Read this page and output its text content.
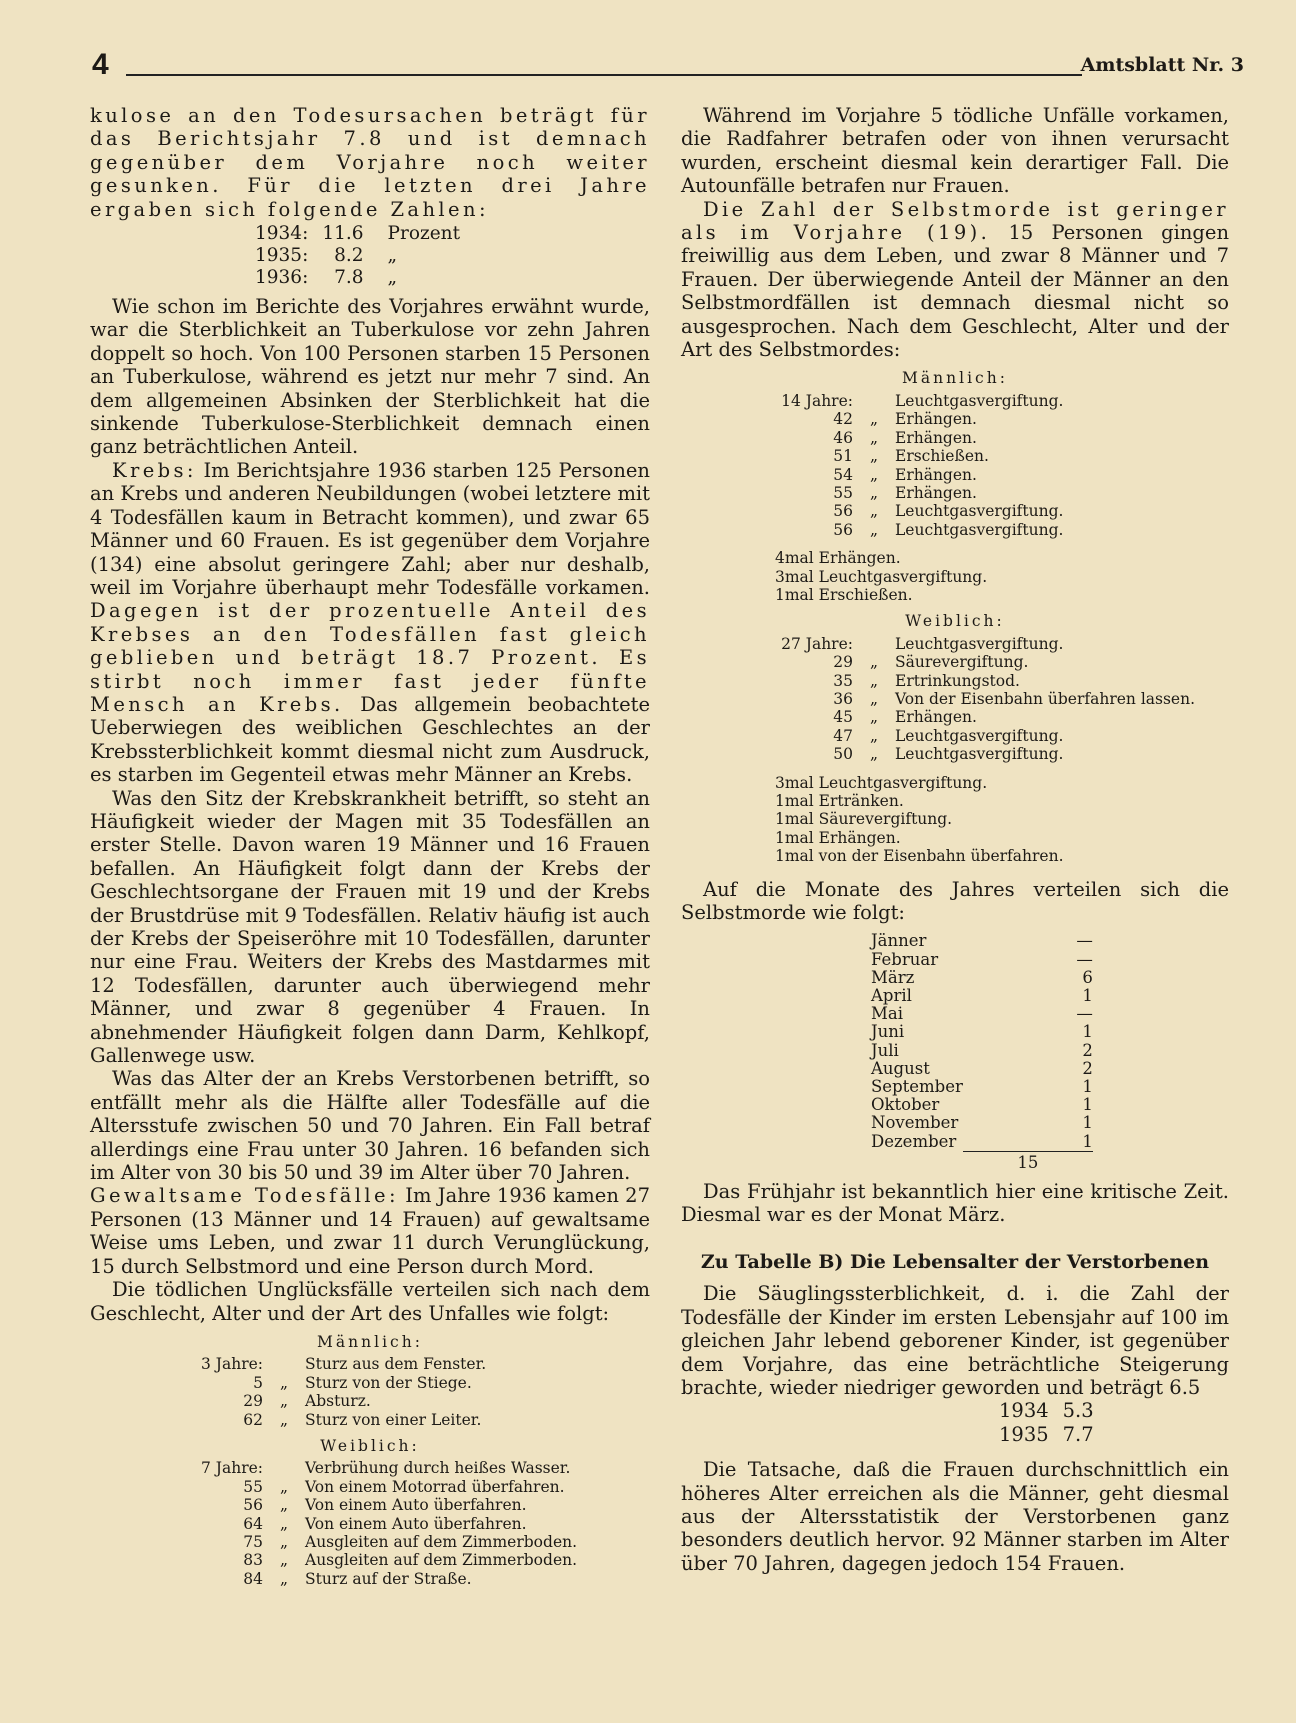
4	Amtsblatt Nr. 3

kulose an den Todesursachen beträgt für das Berichtsjahr 7.8 und ist demnach gegenüber dem Vorjahre noch weiter gesunken. Für die letzten drei Jahre ergaben sich folgende Zahlen:

1934:	11.6	Prozent
1935:	8.2	„
1936:	7.8	„

Wie schon im Berichte des Vorjahres erwähnt wurde, war die Sterblichkeit an Tuberkulose vor zehn Jahren doppelt so hoch. Von 100 Personen starben 15 Personen an Tuberkulose, während es jetzt nur mehr 7 sind. An dem allgemeinen Absinken der Sterblichkeit hat die sinkende Tuberkulose-Sterblichkeit demnach einen ganz beträchtlichen Anteil.

Krebs: Im Berichtsjahre 1936 starben 125 Personen an Krebs und anderen Neubildungen (wobei letztere mit 4 Todesfällen kaum in Betracht kommen), und zwar 65 Männer und 60 Frauen. Es ist gegenüber dem Vorjahre (134) eine absolut geringere Zahl; aber nur deshalb, weil im Vorjahre überhaupt mehr Todesfälle vorkamen. Dagegen ist der prozentuelle Anteil des Krebses an den Todesfällen fast gleich geblieben und beträgt 18.7 Prozent. Es stirbt noch immer fast jeder fünfte Mensch an Krebs. Das allgemein beobachtete Ueberwiegen des weiblichen Geschlechtes an der Krebssterblichkeit kommt diesmal nicht zum Ausdruck, es starben im Gegenteil etwas mehr Männer an Krebs.

Was den Sitz der Krebskrankheit betrifft, so steht an Häufigkeit wieder der Magen mit 35 Todesfällen an erster Stelle. Davon waren 19 Männer und 16 Frauen befallen. An Häufigkeit folgt dann der Krebs der Geschlechtsorgane der Frauen mit 19 und der Krebs der Brustdrüse mit 9 Todesfällen. Relativ häufig ist auch der Krebs der Speiseröhre mit 10 Todesfällen, darunter nur eine Frau. Weiters der Krebs des Mastdarmes mit 12 Todesfällen, darunter auch überwiegend mehr Männer, und zwar 8 gegenüber 4 Frauen. In abnehmender Häufigkeit folgen dann Darm, Kehlkopf, Gallenwege usw.

Was das Alter der an Krebs Verstorbenen betrifft, so entfällt mehr als die Hälfte aller Todesfälle auf die Altersstufe zwischen 50 und 70 Jahren. Ein Fall betraf allerdings eine Frau unter 30 Jahren. 16 befanden sich im Alter von 30 bis 50 und 39 im Alter über 70 Jahren.

Gewaltsame Todesfälle: Im Jahre 1936 kamen 27 Personen (13 Männer und 14 Frauen) auf gewaltsame Weise ums Leben, und zwar 11 durch Verunglückung, 15 durch Selbstmord und eine Person durch Mord.

Die tödlichen Unglücksfälle verteilen sich nach dem Geschlecht, Alter und der Art des Unfalles wie folgt:

Männlich:
3 Jahre:		Sturz aus dem Fenster.
5	„	Sturz von der Stiege.
29	„	Absturz.
62	„	Sturz von einer Leiter.
Weiblich:
7 Jahre:		Verbrühung durch heißes Wasser.
55	„	Von einem Motorrad überfahren.
56	„	Von einem Auto überfahren.
64	„	Von einem Auto überfahren.
75	„	Ausgleiten auf dem Zimmerboden.
83	„	Ausgleiten auf dem Zimmerboden.
84	„	Sturz auf der Straße.

Während im Vorjahre 5 tödliche Unfälle vorkamen, die Radfahrer betrafen oder von ihnen verursacht wurden, erscheint diesmal kein derartiger Fall. Die Autounfälle betrafen nur Frauen.

Die Zahl der Selbstmorde ist geringer als im Vorjahre (19). 15 Personen gingen freiwillig aus dem Leben, und zwar 8 Männer und 7 Frauen. Der überwiegende Anteil der Männer an den Selbstmordfällen ist demnach diesmal nicht so ausgesprochen. Nach dem Geschlecht, Alter und der Art des Selbstmordes:

Männlich:
14 Jahre:		Leuchtgasvergiftung.
42	„	Erhängen.
46	„	Erhängen.
51	„	Erschießen.
54	„	Erhängen.
55	„	Erhängen.
56	„	Leuchtgasvergiftung.
56	„	Leuchtgasvergiftung.
4mal Erhängen.
3mal Leuchtgasvergiftung.
1mal Erschießen.
Weiblich:
27 Jahre:		Leuchtgasvergiftung.
29	„	Säurevergiftung.
35	„	Ertrinkungstod.
36	„	Von der Eisenbahn überfahren lassen.
45	„	Erhängen.
47	„	Leuchtgasvergiftung.
50	„	Leuchtgasvergiftung.
3mal Leuchtgasvergiftung.
1mal Ertränken.
1mal Säurevergiftung.
1mal Erhängen.
1mal von der Eisenbahn überfahren.

Auf die Monate des Jahres verteilen sich die Selbstmorde wie folgt:

Jänner	—
Februar	—
März	6
April	1
Mai	—
Juni	1
Juli	2
August	2
September	1
Oktober	1
November	1
Dezember	1
	15

Das Frühjahr ist bekanntlich hier eine kritische Zeit. Diesmal war es der Monat März.

Zu Tabelle B) Die Lebensalter der Verstorbenen

Die Säuglingssterblichkeit, d. i. die Zahl der Todesfälle der Kinder im ersten Lebensjahr auf 100 im gleichen Jahr lebend geborener Kinder, ist gegenüber dem Vorjahre, das eine beträchtliche Steigerung brachte, wieder niedriger geworden und beträgt 6.5

1934	5.3
1935	7.7

Die Tatsache, daß die Frauen durchschnittlich ein höheres Alter erreichen als die Männer, geht diesmal aus der Altersstatistik der Verstorbenen ganz besonders deutlich hervor. 92 Männer starben im Alter über 70 Jahren, dagegen jedoch 154 Frauen.
